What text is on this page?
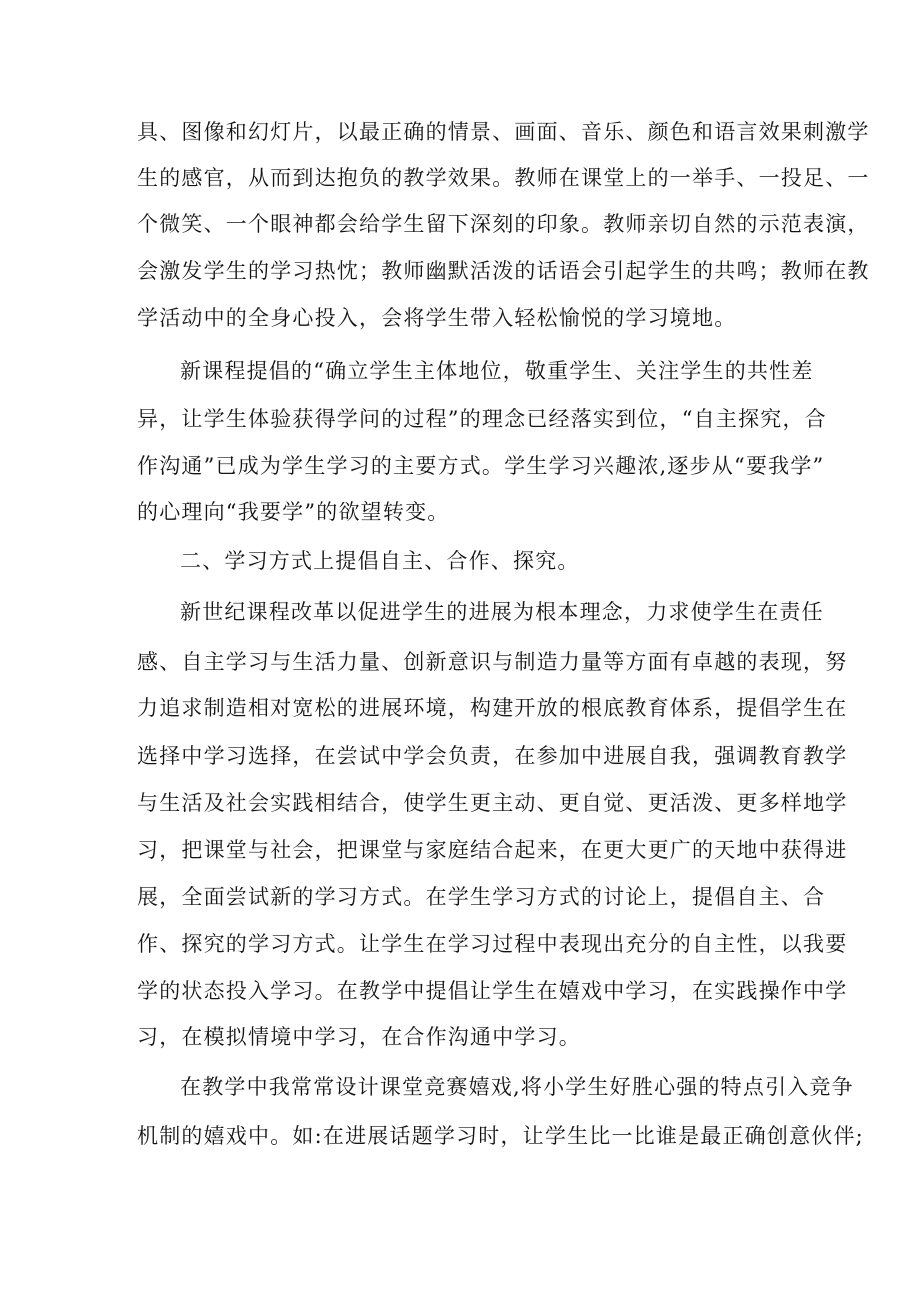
具、图像和幻灯片，以最正确的情景、画面、音乐、颜色和语言效果刺激学
生的感官，从而到达抱负的教学效果。教师在课堂上的一举手、一投足、一
个微笑、一个眼神都会给学生留下深刻的印象。教师亲切自然的示范表演，
会激发学生的学习热忱；教师幽默活泼的话语会引起学生的共鸣；教师在教
学活动中的全身心投入，会将学生带入轻松愉悦的学习境地。
新课程提倡的“确立学生主体地位，敬重学生、关注学生的共性差
异，让学生体验获得学问的过程”的理念已经落实到位，“自主探究，合
作沟通”已成为学生学习的主要方式。学生学习兴趣浓,逐步从“要我学”
的心理向“我要学”的欲望转变。
二、学习方式上提倡自主、合作、探究。
新世纪课程改革以促进学生的进展为根本理念，力求使学生在责任
感、自主学习与生活力量、创新意识与制造力量等方面有卓越的表现，努
力追求制造相对宽松的进展环境，构建开放的根底教育体系，提倡学生在
选择中学习选择，在尝试中学会负责，在参加中进展自我，强调教育教学
与生活及社会实践相结合，使学生更主动、更自觉、更活泼、更多样地学
习，把课堂与社会，把课堂与家庭结合起来，在更大更广的天地中获得进
展，全面尝试新的学习方式。在学生学习方式的讨论上，提倡自主、合
作、探究的学习方式。让学生在学习过程中表现出充分的自主性，以我要
学的状态投入学习。在教学中提倡让学生在嬉戏中学习，在实践操作中学
习，在模拟情境中学习，在合作沟通中学习。
在教学中我常常设计课堂竞赛嬉戏,将小学生好胜心强的特点引入竞争
机制的嬉戏中。如:在进展话题学习时，让学生比一比谁是最正确创意伙伴;
